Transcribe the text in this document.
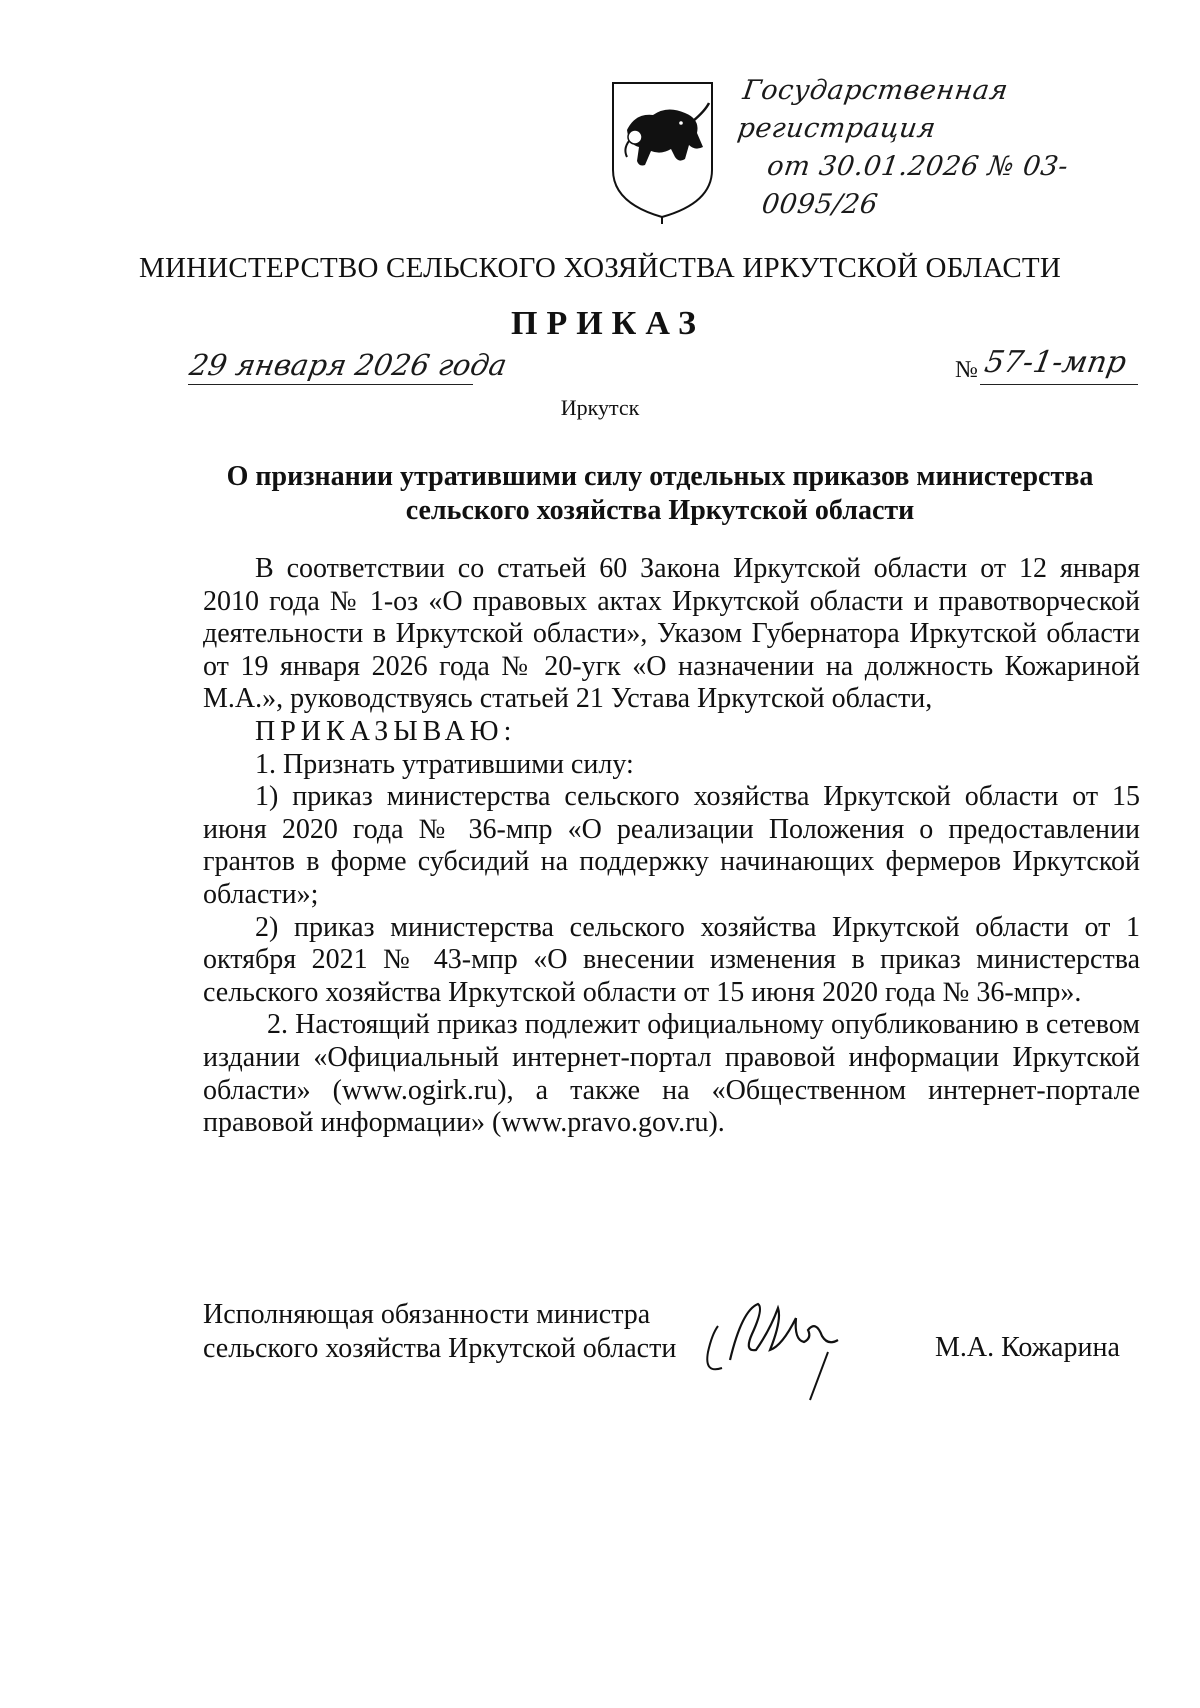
Государственная регистрация
от 30.01.2026 № 03-0095/26
МИНИСТЕРСТВО СЕЛЬСКОГО ХОЗЯЙСТВА ИРКУТСКОЙ ОБЛАСТИ
ПРИКАЗ
29 января 2026 года	№ 57-1-мпр
Иркутск
О признании утратившими силу отдельных приказов министерства
сельского хозяйства Иркутской области

В соответствии со статьей 60 Закона Иркутской области от 12 января 2010 года № 1-оз «О правовых актах Иркутской области и правотворческой деятельности в Иркутской области», Указом Губернатора Иркутской области от 19 января 2026 года № 20-угк «О назначении на должность Кожариной М.А.», руководствуясь статьей 21 Устава Иркутской области,

ПРИКАЗЫВАЮ:

1. Признать утратившими силу:

1) приказ министерства сельского хозяйства Иркутской области от 15 июня 2020 года № 36-мпр «О реализации Положения о предоставлении грантов в форме субсидий на поддержку начинающих фермеров Иркутской области»;

2) приказ министерства сельского хозяйства Иркутской области от 1 октября 2021 № 43-мпр «О внесении изменения в приказ министерства сельского хозяйства Иркутской области от 15 июня 2020 года № 36-мпр».

2. Настоящий приказ подлежит официальному опубликованию в сетевом издании «Официальный интернет-портал правовой информации Иркутской области» (www.ogirk.ru), а также на «Общественном интернет-портале правовой информации» (www.pravo.gov.ru).

Исполняющая обязанности министра
сельского хозяйства Иркутской области	М.А. Кожарина
